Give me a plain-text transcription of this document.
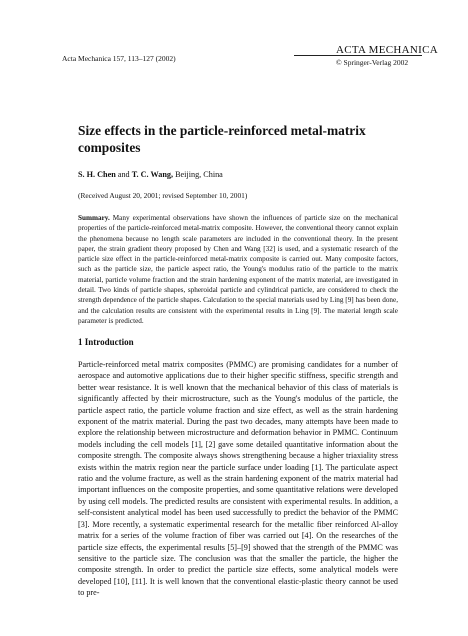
Acta Mechanica 157, 113–127 (2002)
ACTA MECHANICA
© Springer-Verlag 2002
Size effects in the particle-reinforced metal-matrix composites
S. H. Chen and T. C. Wang, Beijing, China
(Received August 20, 2001; revised September 10, 2001)
Summary. Many experimental observations have shown the influences of particle size on the mechanical properties of the particle-reinforced metal-matrix composite. However, the conventional theory cannot explain the phenomena because no length scale parameters are included in the conventional theory. In the present paper, the strain gradient theory proposed by Chen and Wang [32] is used, and a systematic research of the particle size effect in the particle-reinforced metal-matrix composite is carried out. Many composite factors, such as the particle size, the particle aspect ratio, the Young's modulus ratio of the particle to the matrix material, particle volume fraction and the strain hardening exponent of the matrix material, are investigated in detail. Two kinds of particle shapes, spheroidal particle and cylindrical particle, are considered to check the strength dependence of the particle shapes. Calculation to the special materials used by Ling [9] has been done, and the calculation results are consistent with the experimental results in Ling [9]. The material length scale parameter is predicted.
1 Introduction

Particle-reinforced metal matrix composites (PMMC) are promising candidates for a number of aerospace and automotive applications due to their higher specific stiffness, specific strength and better wear resistance. It is well known that the mechanical behavior of this class of materials is significantly affected by their microstructure, such as the Young's modulus of the particle, the particle aspect ratio, the particle volume fraction and size effect, as well as the strain hardening exponent of the matrix material. During the past two decades, many attempts have been made to explore the relationship between microstructure and deformation behavior in PMMC. Continuum models including the cell models [1], [2] gave some detailed quantitative information about the composite strength. The composite always shows strengthening because a higher triaxiality stress exists within the matrix region near the particle surface under loading [1]. The particulate aspect ratio and the volume fracture, as well as the strain hardening exponent of the matrix material had important influences on the composite properties, and some quantitative relations were developed by using cell models. The predicted results are consistent with experimental results. In addition, a self-consistent analytical model has been used successfully to predict the behavior of the PMMC [3]. More recently, a systematic experimental research for the metallic fiber reinforced Al-alloy matrix for a series of the volume fraction of fiber was carried out [4]. On the researches of the particle size effects, the experimental results [5]–[9] showed that the strength of the PMMC was sensitive to the particle size. The conclusion was that the smaller the particle, the higher the composite strength. In order to predict the particle size effects, some analytical models were developed [10], [11]. It is well known that the conventional elastic-plastic theory cannot be used to pre-
